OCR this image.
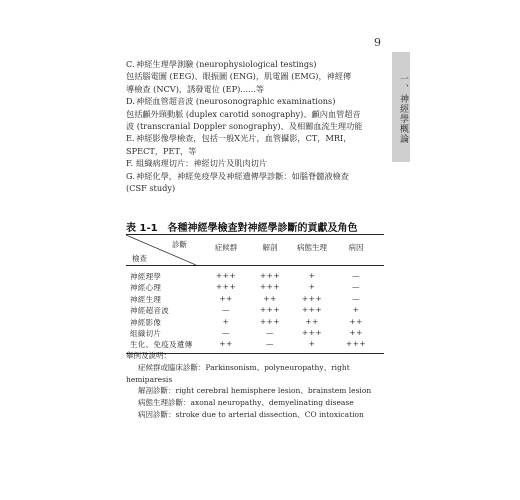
9
一、神經學概論
C.神經生理學測驗 (neurophysiological testings)
包括腦電圖 (EEG)、眼振圖 (ENG)，肌電圖 (EMG)，神經傳
導檢查 (NCV)，誘發電位 (EP)......等
D.神經血管超音波 (neurosonographic examinations)
包括顱外頸動脈 (duplex carotid sonography)、顱內血管超音
波 (transcranial Doppler sonography)、及相關血流生理功能
E.神經影像學檢查，包括一般X光片，血管攝影，CT，MRI，
SPECT，PET，等
F. 組織病理切片：神經切片及肌肉切片
G.神經化學，神經免疫學及神經遺傳學診斷：如腦脊髓液檢查
(CSF study)
表 1-1　各種神經學檢查對神經學診斷的貢獻及角色
診斷
檢查
症候群	解剖	病態生理	病因
神經理學	+++	+++	+	—
神經心理	+++	+++	+	—
神經生理	++	++	+++	—
神經超音波	—	+++	+++	+
神經影像	+	+++	++	++
組織切片	—	—	+++	++
生化、免疫及遺傳	++	—	+	+++
舉例及說明：
症候群或臨床診斷：Parkinsonism、polyneuropathy、right
hemiparesis
解剖診斷：right cerebral hemisphere lesion、brainstem lesion
病態生理診斷：axonal neuropathy、demyelinating disease
病因診斷：stroke due to arterial dissection、CO intoxication
